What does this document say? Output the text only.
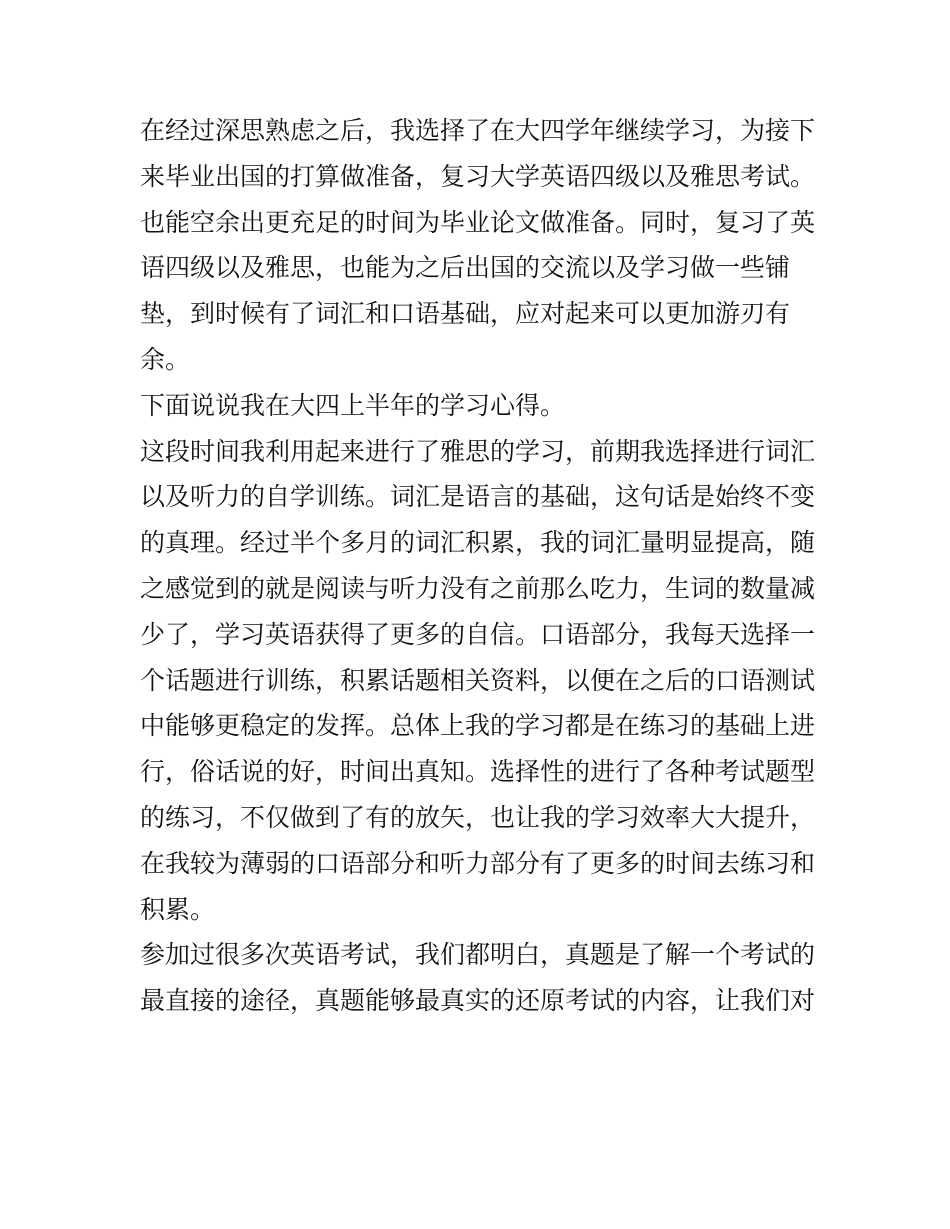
在经过深思熟虑之后，我选择了在大四学年继续学习，为接下
来毕业出国的打算做准备，复习大学英语四级以及雅思考试。
也能空余出更充足的时间为毕业论文做准备。同时，复习了英
语四级以及雅思，也能为之后出国的交流以及学习做一些铺
垫，到时候有了词汇和口语基础，应对起来可以更加游刃有
余。
下面说说我在大四上半年的学习心得。
这段时间我利用起来进行了雅思的学习，前期我选择进行词汇
以及听力的自学训练。词汇是语言的基础，这句话是始终不变
的真理。经过半个多月的词汇积累，我的词汇量明显提高，随
之感觉到的就是阅读与听力没有之前那么吃力，生词的数量减
少了，学习英语获得了更多的自信。口语部分，我每天选择一
个话题进行训练，积累话题相关资料，以便在之后的口语测试
中能够更稳定的发挥。总体上我的学习都是在练习的基础上进
行，俗话说的好，时间出真知。选择性的进行了各种考试题型
的练习，不仅做到了有的放矢，也让我的学习效率大大提升，
在我较为薄弱的口语部分和听力部分有了更多的时间去练习和
积累。
参加过很多次英语考试，我们都明白，真题是了解一个考试的
最直接的途径，真题能够最真实的还原考试的内容，让我们对
